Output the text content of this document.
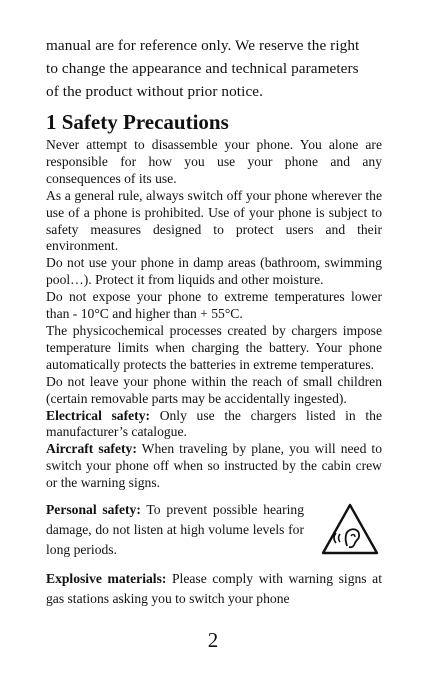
manual are for reference only. We reserve the right

to change the appearance and technical parameters

of the product without prior notice.

1 Safety Precautions

Never attempt to disassemble your phone. You alone are responsible for how you use your phone and any consequences of its use.

As a general rule, always switch off your phone wherever the use of a phone is prohibited. Use of your phone is subject to safety measures designed to protect users and their environment.

Do not use your phone in damp areas (bathroom, swimming pool…). Protect it from liquids and other moisture.

Do not expose your phone to extreme temperatures lower than - 10°C and higher than + 55°C.

The physicochemical processes created by chargers impose temperature limits when charging the battery. Your phone automatically protects the batteries in extreme temperatures.

Do not leave your phone within the reach of small children (certain removable parts may be accidentally ingested).

Electrical safety: Only use the chargers listed in the manufacturer’s catalogue.

Aircraft safety: When traveling by plane, you will need to switch your phone off when so instructed by the cabin crew or the warning signs.

Personal safety: To prevent possible hearing damage, do not listen at high volume levels for long periods.
Explosive materials: Please comply with warning signs at gas stations asking you to switch your phone
2
